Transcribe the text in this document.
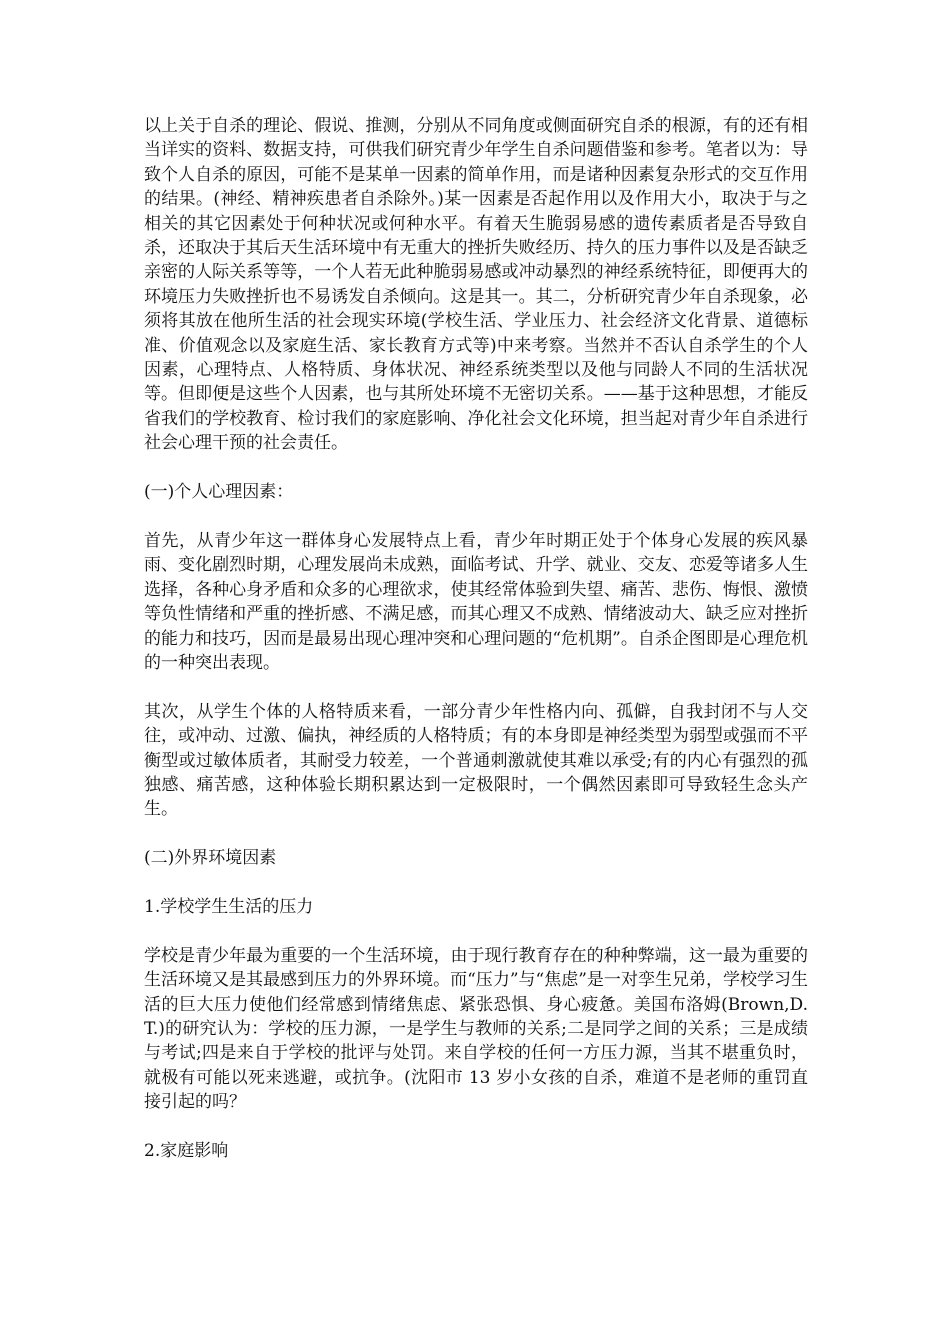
以上关于自杀的理论、假说、推测，分别从不同角度或侧面研究自杀的根源，有的还有相当详实的资料、数据支持，可供我们研究青少年学生自杀问题借鉴和参考。笔者以为：导致个人自杀的原因，可能不是某单一因素的简单作用，而是诸种因素复杂形式的交互作用的结果。(神经、精神疾患者自杀除外。)某一因素是否起作用以及作用大小，取决于与之相关的其它因素处于何种状况或何种水平。有着天生脆弱易感的遗传素质者是否导致自杀，还取决于其后天生活环境中有无重大的挫折失败经历、持久的压力事件以及是否缺乏亲密的人际关系等等，一个人若无此种脆弱易感或冲动暴烈的神经系统特征，即便再大的环境压力失败挫折也不易诱发自杀倾向。这是其一。其二，分析研究青少年自杀现象，必须将其放在他所生活的社会现实环境(学校生活、学业压力、社会经济文化背景、道德标准、价值观念以及家庭生活、家长教育方式等)中来考察。当然并不否认自杀学生的个人因素，心理特点、人格特质、身体状况、神经系统类型以及他与同龄人不同的生活状况等。但即便是这些个人因素，也与其所处环境不无密切关系。——基于这种思想，才能反省我们的学校教育、检讨我们的家庭影响、净化社会文化环境，担当起对青少年自杀进行社会心理干预的社会责任。

(一)个人心理因素：

首先，从青少年这一群体身心发展特点上看，青少年时期正处于个体身心发展的疾风暴雨、变化剧烈时期，心理发展尚未成熟，面临考试、升学、就业、交友、恋爱等诸多人生选择，各种心身矛盾和众多的心理欲求，使其经常体验到失望、痛苦、悲伤、悔恨、激愤等负性情绪和严重的挫折感、不满足感，而其心理又不成熟、情绪波动大、缺乏应对挫折的能力和技巧，因而是最易出现心理冲突和心理问题的“危机期”。自杀企图即是心理危机的一种突出表现。

其次，从学生个体的人格特质来看，一部分青少年性格内向、孤僻，自我封闭不与人交往，或冲动、过激、偏执，神经质的人格特质；有的本身即是神经类型为弱型或强而不平衡型或过敏体质者，其耐受力较差，一个普通刺激就使其难以承受;有的内心有强烈的孤独感、痛苦感，这种体验长期积累达到一定极限时，一个偶然因素即可导致轻生念头产生。

(二)外界环境因素

1.学校学生生活的压力

学校是青少年最为重要的一个生活环境，由于现行教育存在的种种弊端，这一最为重要的生活环境又是其最感到压力的外界环境。而“压力”与“焦虑”是一对孪生兄弟，学校学习生活的巨大压力使他们经常感到情绪焦虑、紧张恐惧、身心疲惫。美国布洛姆(Brown,D.T.)的研究认为：学校的压力源，一是学生与教师的关系;二是同学之间的关系；三是成绩与考试;四是来自于学校的批评与处罚。来自学校的任何一方压力源，当其不堪重负时，就极有可能以死来逃避，或抗争。(沈阳市 13 岁小女孩的自杀，难道不是老师的重罚直接引起的吗？

2.家庭影响
